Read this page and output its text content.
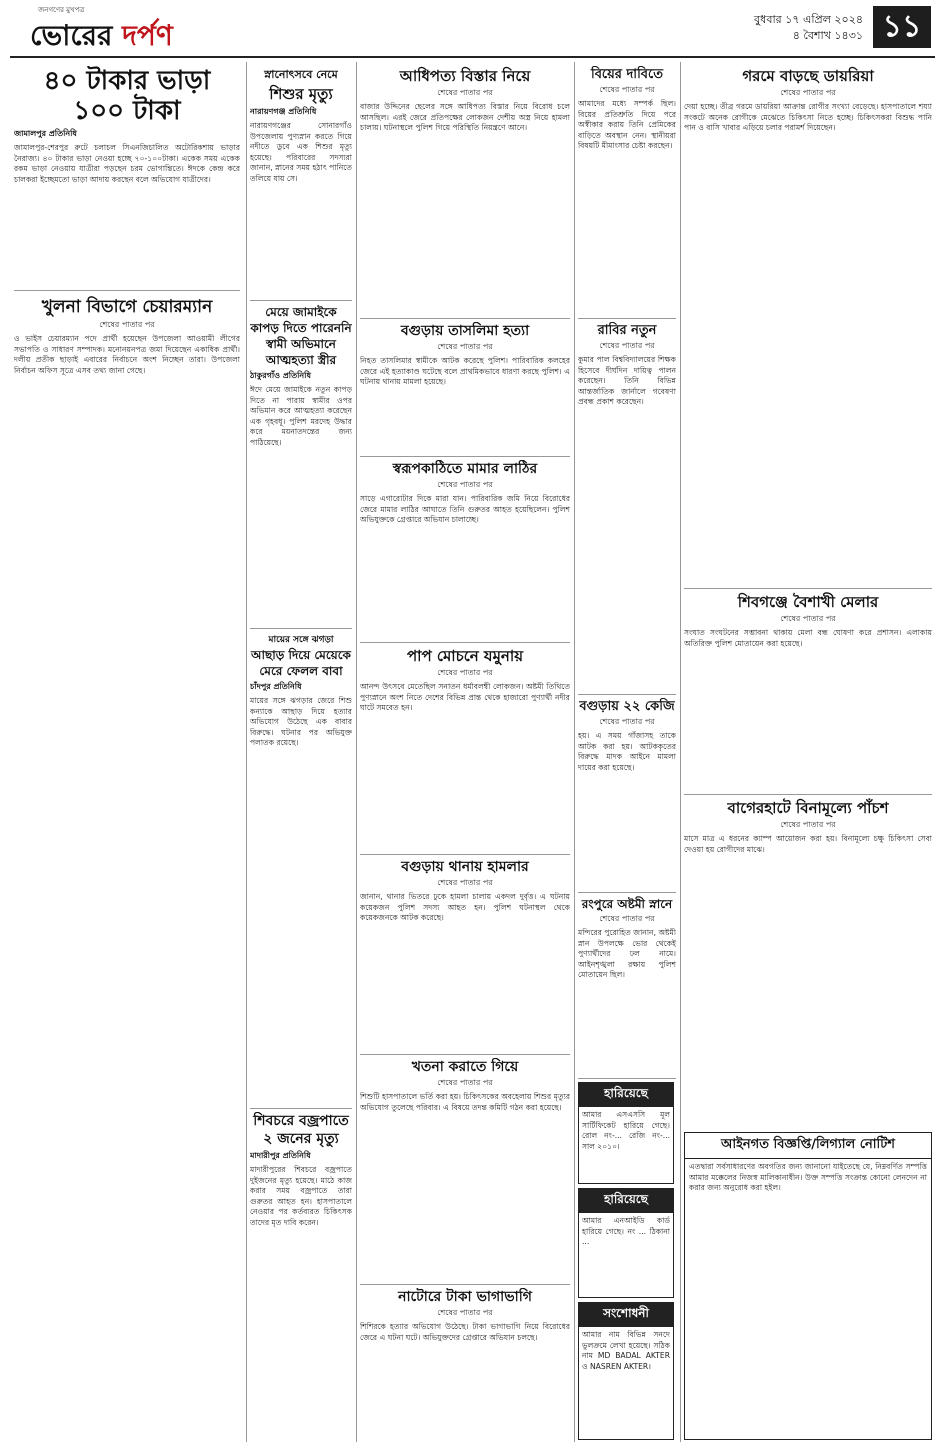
জনগণের মুখপত্র
ভোরের দর্পণ	বুধবার ১৭ এপ্রিল ২০২৪
৪ বৈশাখ ১৪৩১ ১১
৪০ টাকার ভাড়া
১০০ টাকা
জামালপুর প্রতিনিধি

জামালপুর-শেরপুর রুটে চলাচল সিএনজিচালিত অটোরিকশায় ভাড়ার নৈরাজ্য। ৪০ টাকার ভাড়া নেওয়া হচ্ছে ৭০-১০০টাকা। একেক সময় একেক রকম ভাড়া নেওয়ায় যাত্রীরা পড়ছেন চরম ভোগান্তিতে। ঈদকে কেন্দ্র করে চালকরা ইচ্ছেমতো ভাড়া আদায় করছেন বলে অভিযোগ যাত্রীদের।

খুলনা বিভাগে চেয়ারম্যান
শেষের পাতার পর

ও ভাইস চেয়ারম্যান পদে প্রার্থী হয়েছেন উপজেলা আওয়ামী লীগের সভাপতি ও সাধারণ সম্পাদক। মনোনয়নপত্র জমা দিয়েছেন একাধিক প্রার্থী। দলীয় প্রতীক ছাড়াই এবারের নির্বাচনে অংশ নিচ্ছেন তারা। উপজেলা নির্বাচন অফিস সূত্রে এসব তথ্য জানা গেছে।

স্নানোৎসবে নেমে
শিশুর মৃত্যু
নারায়ণগঞ্জ প্রতিনিধি

নারায়ণগঞ্জের সোনারগাঁও উপজেলায় পুণ্যস্নান করতে গিয়ে নদীতে ডুবে এক শিশুর মৃত্যু হয়েছে। পরিবারের সদস্যরা জানান, স্নানের সময় হঠাৎ পানিতে তলিয়ে যায় সে।

মেয়ে জামাইকে কাপড় দিতে পারেননি স্বামী অভিমানে আত্মহত্যা স্ত্রীর
ঠাকুরগাঁও প্রতিনিধি

ঈদে মেয়ে জামাইকে নতুন কাপড় দিতে না পারায় স্বামীর ওপর অভিমান করে আত্মহত্যা করেছেন এক গৃহবধূ। পুলিশ মরদেহ উদ্ধার করে ময়নাতদন্তের জন্য পাঠিয়েছে।

মায়ের সঙ্গে ঝগড়া
আছাড় দিয়ে মেয়েকে মেরে ফেলল বাবা
চাঁদপুর প্রতিনিধি

মায়ের সঙ্গে ঝগড়ার জেরে শিশু কন্যাকে আছাড় দিয়ে হত্যার অভিযোগ উঠেছে এক বাবার বিরুদ্ধে। ঘটনার পর অভিযুক্ত পলাতক রয়েছে।

শিবচরে বজ্রপাতে ২ জনের মৃত্যু
মাদারীপুর প্রতিনিধি

মাদারীপুরের শিবচরে বজ্রপাতে দুইজনের মৃত্যু হয়েছে। মাঠে কাজ করার সময় বজ্রপাতে তারা গুরুতর আহত হন। হাসপাতালে নেওয়ার পর কর্তব্যরত চিকিৎসক তাদের মৃত দাবি করেন।

আধিপত্য বিস্তার নিয়ে
শেষের পাতার পর

বাজার উদ্দিনের ছেলের সঙ্গে আধিপত্য বিস্তার নিয়ে বিরোধ চলে আসছিল। এরই জেরে প্রতিপক্ষের লোকজন দেশীয় অস্ত্র নিয়ে হামলা চালায়। ঘটনাস্থলে পুলিশ গিয়ে পরিস্থিতি নিয়ন্ত্রণে আনে।

বগুড়ায় তাসলিমা হত্যা
শেষের পাতার পর

নিহত তাসলিমার স্বামীকে আটক করেছে পুলিশ। পারিবারিক কলহের জেরে এই হত্যাকাণ্ড ঘটেছে বলে প্রাথমিকভাবে ধারণা করছে পুলিশ। এ ঘটনায় থানায় মামলা হয়েছে।

স্বরূপকাঠিতে মামার লাঠির
শেষের পাতার পর

সাড়ে এগারোটার দিকে মারা যান। পারিবারিক জমি নিয়ে বিরোধের জেরে মামার লাঠির আঘাতে তিনি গুরুতর আহত হয়েছিলেন। পুলিশ অভিযুক্তকে গ্রেপ্তারে অভিযান চালাচ্ছে।

পাপ মোচনে যমুনায়
শেষের পাতার পর

আনন্দ উৎসবে মেতেছিল সনাতন ধর্মাবলম্বী লোকজন। অষ্টমী তিথিতে পুণ্যস্নানে অংশ নিতে দেশের বিভিন্ন প্রান্ত থেকে হাজারো পুণ্যার্থী নদীর ঘাটে সমবেত হন।

বগুড়ায় থানায় হামলার
শেষের পাতার পর

জানান, থানার ভিতরে ঢুকে হামলা চালায় একদল দুর্বৃত্ত। এ ঘটনায় কয়েকজন পুলিশ সদস্য আহত হন। পুলিশ ঘটনাস্থল থেকে কয়েকজনকে আটক করেছে।

খতনা করাতে গিয়ে
শেষের পাতার পর

শিশুটি হাসপাতালে ভর্তি করা হয়। চিকিৎসকের অবহেলায় শিশুর মৃত্যুর অভিযোগ তুলেছে পরিবার। এ বিষয়ে তদন্ত কমিটি গঠন করা হয়েছে।

নাটোরে টাকা ভাগাভাগি
শেষের পাতার পর

শিশিরকে হত্যার অভিযোগ উঠেছে। টাকা ভাগাভাগি নিয়ে বিরোধের জেরে এ ঘটনা ঘটে। অভিযুক্তদের গ্রেপ্তারে অভিযান চলছে।

বিয়ের দাবিতে
শেষের পাতার পর

আমাদের মধ্যে সম্পর্ক ছিল। বিয়ের প্রতিশ্রুতি দিয়ে পরে অস্বীকার করায় তিনি প্রেমিকের বাড়িতে অবস্থান নেন। স্থানীয়রা বিষয়টি মীমাংসার চেষ্টা করছেন।

রাবির নতুন
শেষের পাতার পর

কুমার পাল বিশ্ববিদ্যালয়ের শিক্ষক হিসেবে দীর্ঘদিন দায়িত্ব পালন করেছেন। তিনি বিভিন্ন আন্তর্জাতিক জার্নালে গবেষণা প্রবন্ধ প্রকাশ করেছেন।

বগুড়ায় ২২ কেজি
শেষের পাতার পর

হয়। এ সময় গাঁজাসহ তাকে আটক করা হয়। আটককৃতের বিরুদ্ধে মাদক আইনে মামলা দায়ের করা হয়েছে।

রংপুরে অষ্টমী স্নানে
শেষের পাতার পর

মন্দিরের পুরোহিত জানান, অষ্টমী স্নান উপলক্ষে ভোর থেকেই পুণ্যার্থীদের ঢল নামে। আইনশৃঙ্খলা রক্ষায় পুলিশ মোতায়েন ছিল।

হারিয়েছে

আমার এসএসসি মূল সার্টিফিকেট হারিয়ে গেছে। রোল নং-... রেজি নং-... সাল ২০১০।

হারিয়েছে

আমার এনআইডি কার্ড হারিয়ে গেছে। নং ... ঠিকানা ...

সংশোধনী

আমার নাম বিভিন্ন সনদে ভুলক্রমে লেখা হয়েছে। সঠিক নাম MD BADAL AKTER ও NASREN AKTER।

গরমে বাড়ছে ডায়রিয়া
শেষের পাতার পর

দেয়া হচ্ছে। তীব্র গরমে ডায়রিয়া আক্রান্ত রোগীর সংখ্যা বেড়েছে। হাসপাতালে শয্যা সংকটে অনেক রোগীকে মেঝেতে চিকিৎসা নিতে হচ্ছে। চিকিৎসকরা বিশুদ্ধ পানি পান ও বাসি খাবার এড়িয়ে চলার পরামর্শ দিয়েছেন।

শিবগঞ্জে বৈশাখী মেলার
শেষের পাতার পর

সংঘাত সংঘটনের সম্ভাবনা থাকায় মেলা বন্ধ ঘোষণা করে প্রশাসন। এলাকায় অতিরিক্ত পুলিশ মোতায়েন করা হয়েছে।

বাগেরহাটে বিনামূল্যে পাঁচশ
শেষের পাতার পর

মাসে মাত্র এ ধরনের ক্যাম্প আয়োজন করা হয়। বিনামূল্যে চক্ষু চিকিৎসা সেবা দেওয়া হয় রোগীদের মাঝে।

আইনগত বিজ্ঞপ্তি/লিগ্যাল নোটিশ

এতদ্বারা সর্বসাধারণের অবগতির জন্য জানানো যাইতেছে যে, নিম্নবর্ণিত সম্পত্তি আমার মক্কেলের নিজস্ব মালিকানাধীন। উক্ত সম্পত্তি সংক্রান্ত কোনো লেনদেন না করার জন্য অনুরোধ করা হইল।
